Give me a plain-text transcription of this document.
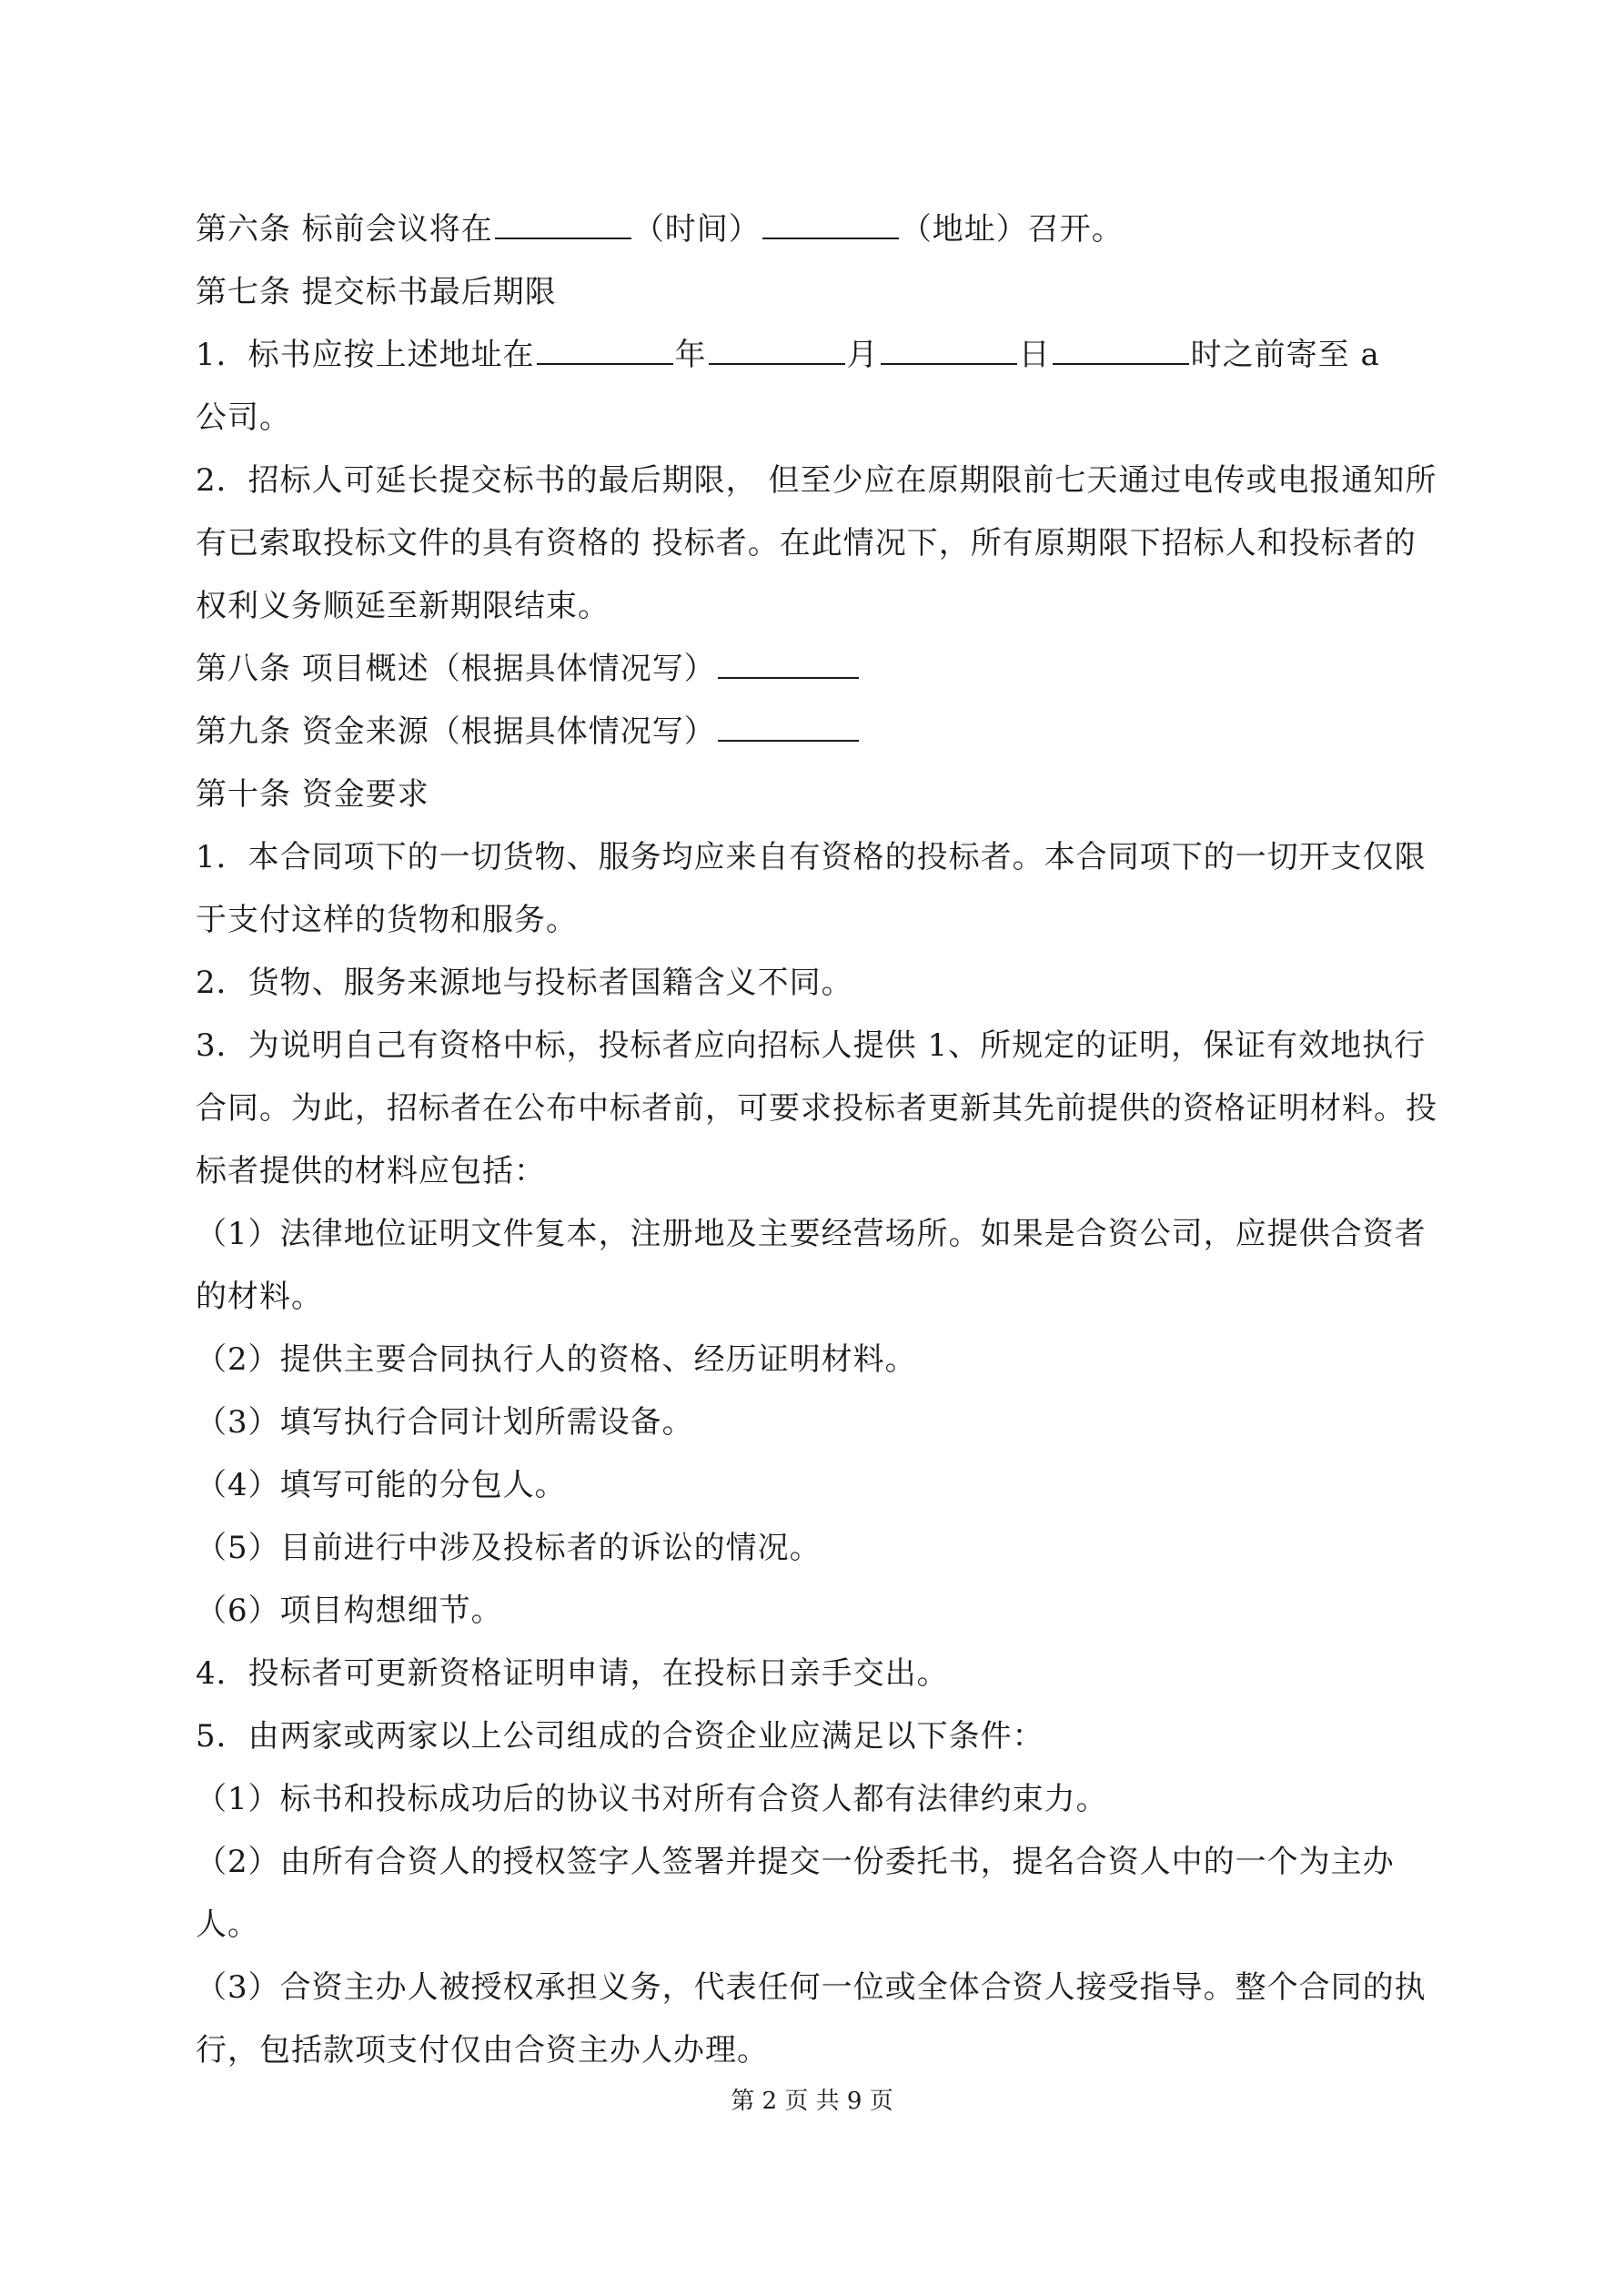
第六条 标前会议将在	（时间）	（地址）召开。

第七条 提交标书最后期限

1．标书应按上述地址在	年	月	日	时之前寄至 a

公司。

2．招标人可延长提交标书的最后期限， 但至少应在原期限前七天通过电传或电报通知所有已索取投标文件的具有资格的 投标者。在此情况下，所有原期限下招标人和投标者的权利义务顺延至新期限结束。

第八条 项目概述（根据具体情况写）

第九条 资金来源（根据具体情况写）

第十条 资金要求

1．本合同项下的一切货物、服务均应来自有资格的投标者。本合同项下的一切开支仅限于支付这样的货物和服务。

2．货物、服务来源地与投标者国籍含义不同。

3．为说明自己有资格中标，投标者应向招标人提供 1、所规定的证明，保证有效地执行合同。为此，招标者在公布中标者前，可要求投标者更新其先前提供的资格证明材料。投标者提供的材料应包括：

（1）法律地位证明文件复本，注册地及主要经营场所。如果是合资公司，应提供合资者的材料。

（2）提供主要合同执行人的资格、经历证明材料。

（3）填写执行合同计划所需设备。

（4）填写可能的分包人。

（5）目前进行中涉及投标者的诉讼的情况。

（6）项目构想细节。

4．投标者可更新资格证明申请，在投标日亲手交出。

5．由两家或两家以上公司组成的合资企业应满足以下条件：

（1）标书和投标成功后的协议书对所有合资人都有法律约束力。

（2）由所有合资人的授权签字人签署并提交一份委托书，提名合资人中的一个为主办人。

（3）合资主办人被授权承担义务，代表任何一位或全体合资人接受指导。整个合同的执行，包括款项支付仅由合资主办人办理。

第 2 页 共 9 页
